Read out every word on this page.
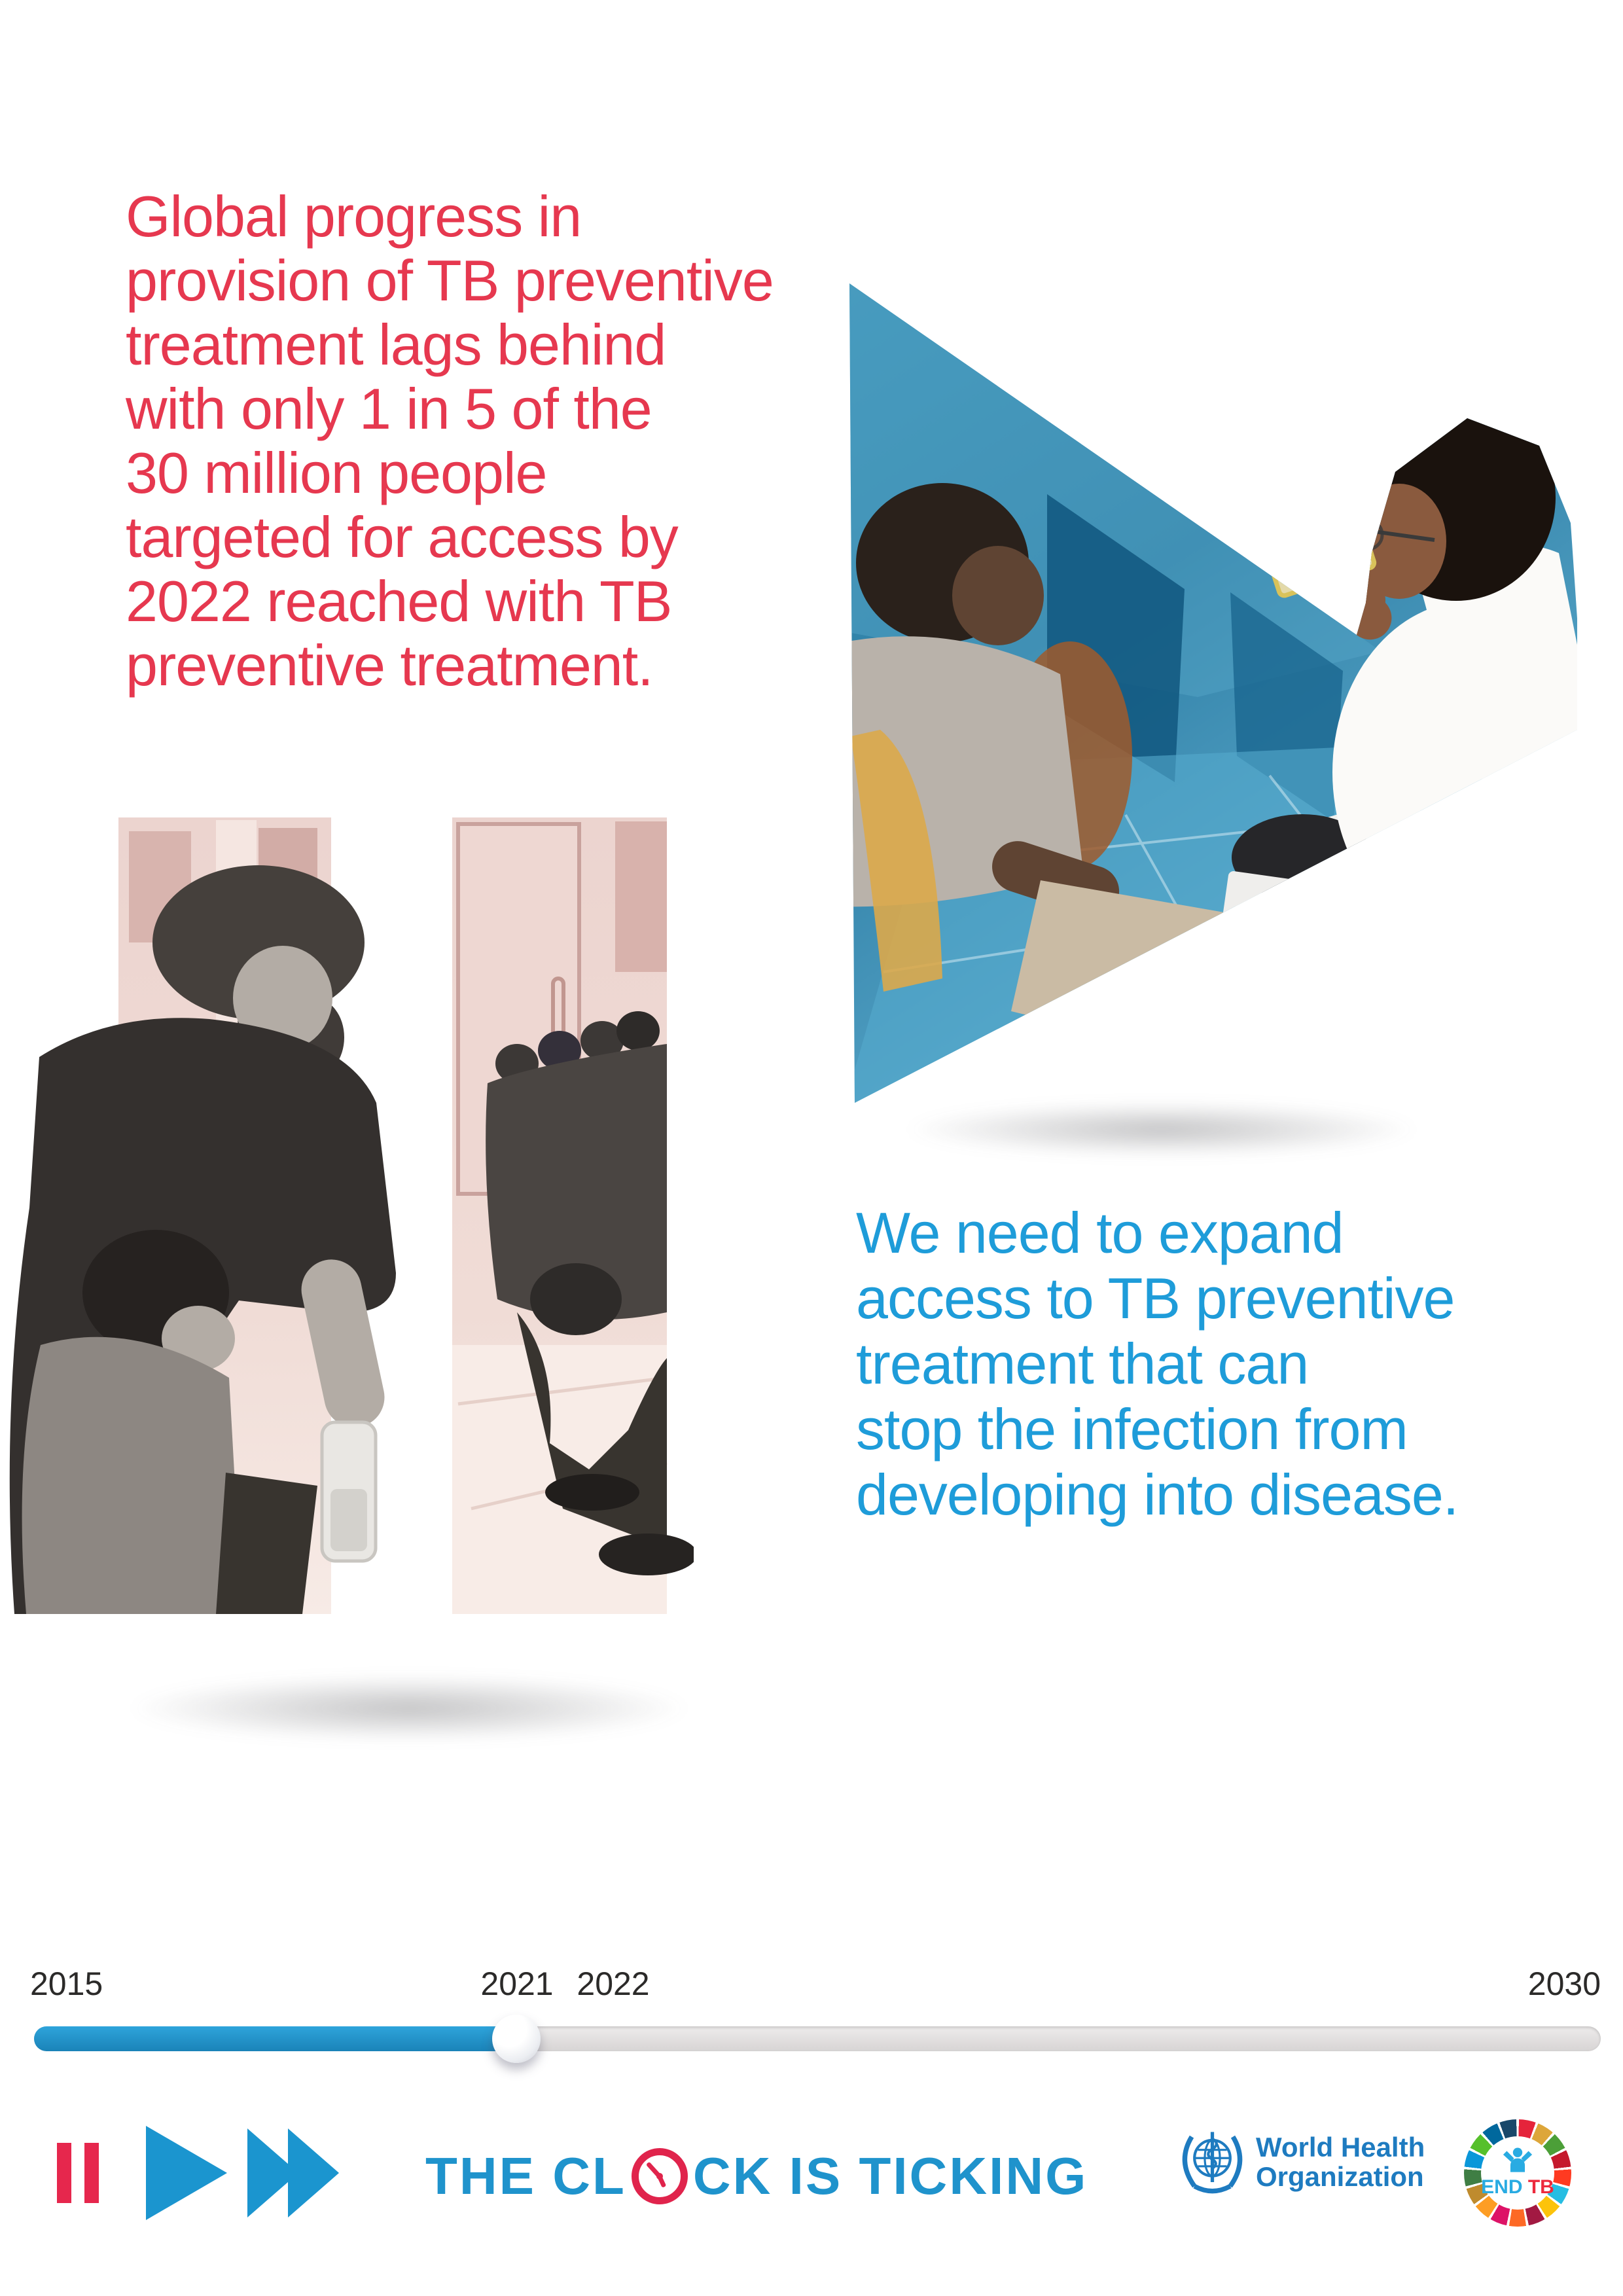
Global progress in
provision of TB preventive
treatment lags behind
with only 1 in 5 of the
30 million people
targeted for access by
2022 reached with TB
preventive treatment.
We need to expand
access to TB preventive
treatment that can
stop the infection from
developing into disease.
2015	2021 2022	2030
THE CL CK IS TICKING	World Health
Organization	END TB
